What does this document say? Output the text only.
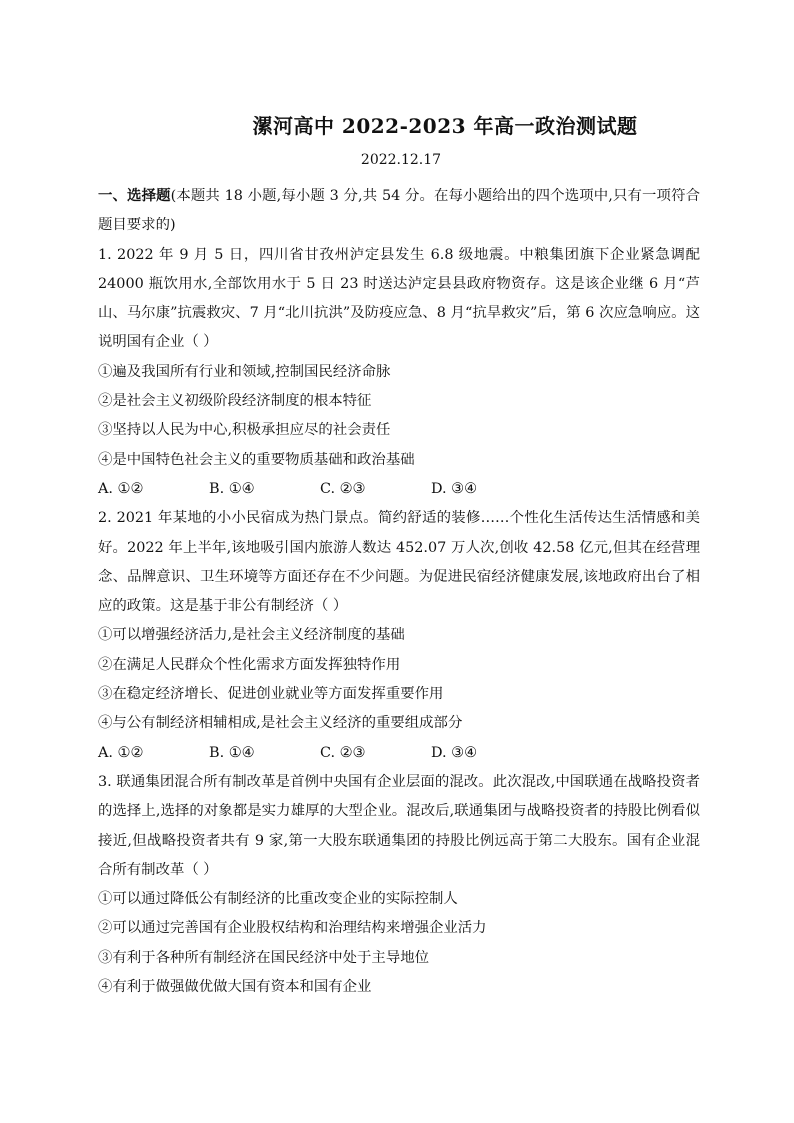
漯河高中 2022-2023 年高一政治测试题
2022.12.17

一、选择题(本题共 18 小题,每小题 3 分,共 54 分。在每小题给出的四个选项中,只有一项符合题目要求的)

1. 2022 年 9 月 5 日，四川省甘孜州泸定县发生 6.8 级地震。中粮集团旗下企业紧急调配 24000 瓶饮用水,全部饮用水于 5 日 23 时送达泸定县县政府物资存。这是该企业继 6 月“芦山、马尔康”抗震救灾、7 月“北川抗洪”及防疫应急、8 月“抗旱救灾”后，第 6 次应急响应。这说明国有企业（ ）

①遍及我国所有行业和领域,控制国民经济命脉

②是社会主义初级阶段经济制度的根本特征

③坚持以人民为中心,积极承担应尽的社会责任

④是中国特色社会主义的重要物质基础和政治基础

A. ①②	B. ①④	C. ②③	D. ③④

2. 2021 年某地的小小民宿成为热门景点。简约舒适的装修……个性化生活传达生活情感和美好。2022 年上半年,该地吸引国内旅游人数达 452.07 万人次,创收 42.58 亿元,但其在经营理念、品牌意识、卫生环境等方面还存在不少问题。为促进民宿经济健康发展,该地政府出台了相应的政策。这是基于非公有制经济（ ）

①可以增强经济活力,是社会主义经济制度的基础

②在满足人民群众个性化需求方面发挥独特作用

③在稳定经济增长、促进创业就业等方面发挥重要作用

④与公有制经济相辅相成,是社会主义经济的重要组成部分

A. ①②	B. ①④	C. ②③	D. ③④

3. 联通集团混合所有制改革是首例中央国有企业层面的混改。此次混改,中国联通在战略投资者的选择上,选择的对象都是实力雄厚的大型企业。混改后,联通集团与战略投资者的持股比例看似接近,但战略投资者共有 9 家,第一大股东联通集团的持股比例远高于第二大股东。国有企业混合所有制改革（ ）

①可以通过降低公有制经济的比重改变企业的实际控制人

②可以通过完善国有企业股权结构和治理结构来增强企业活力

③有利于各种所有制经济在国民经济中处于主导地位

④有利于做强做优做大国有资本和国有企业
